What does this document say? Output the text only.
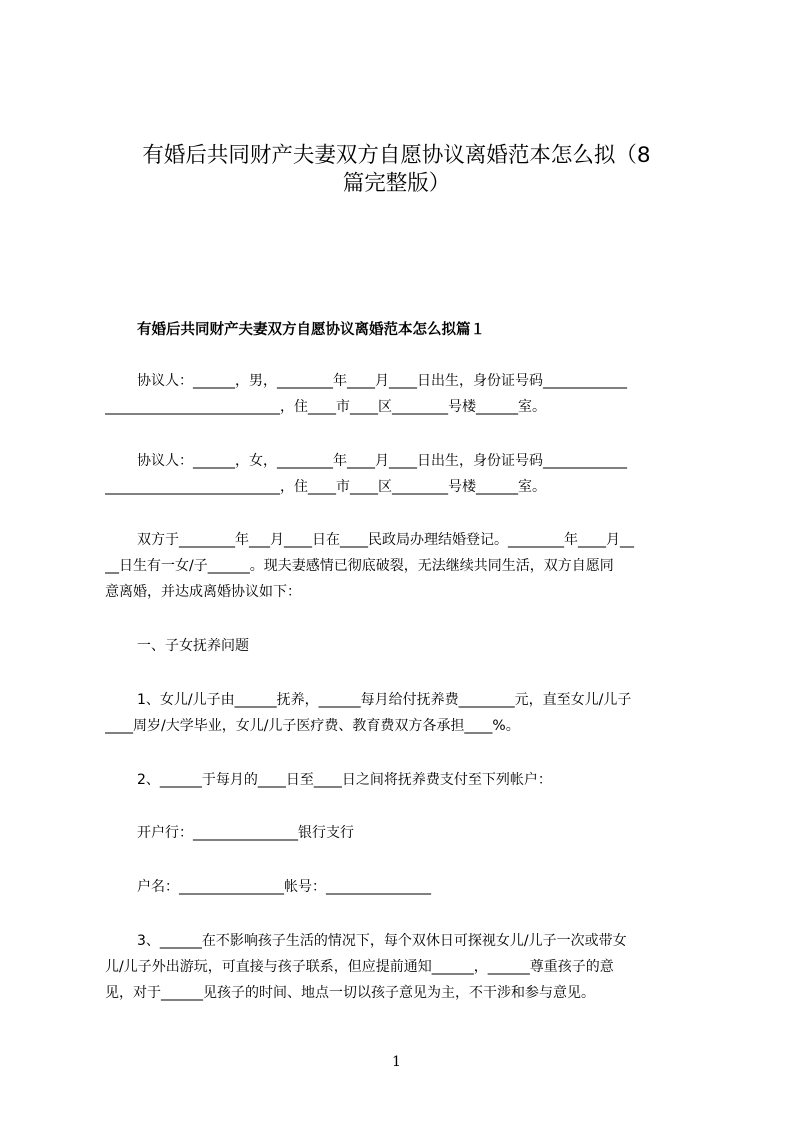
有婚后共同财产夫妻双方自愿协议离婚范本怎么拟（8
篇完整版）
有婚后共同财产夫妻双方自愿协议离婚范本怎么拟篇１
协议人：______，男，________年____月____日出生，身份证号码____________
_________________________，住____市____区________号楼______室。
协议人：______，女，________年____月____日出生，身份证号码____________
_________________________，住____市____区________号楼______室。
双方于________年___月____日在____民政局办理结婚登记。________年____月__
__日生有一女/子______。现夫妻感情已彻底破裂，无法继续共同生活，双方自愿同
意离婚，并达成离婚协议如下：
一、子女抚养问题
1、女儿/儿子由______抚养，______每月给付抚养费________元，直至女儿/儿子
____周岁/大学毕业，女儿/儿子医疗费、教育费双方各承担____%。
2、______于每月的____日至____日之间将抚养费支付至下列帐户：
开户行：_______________银行支行
户名：_______________帐号：_______________
3、______在不影响孩子生活的情况下，每个双休日可探视女儿/儿子一次或带女
儿/儿子外出游玩，可直接与孩子联系，但应提前通知______，______尊重孩子的意
见，对于______见孩子的时间、地点一切以孩子意见为主，不干涉和参与意见。
1
